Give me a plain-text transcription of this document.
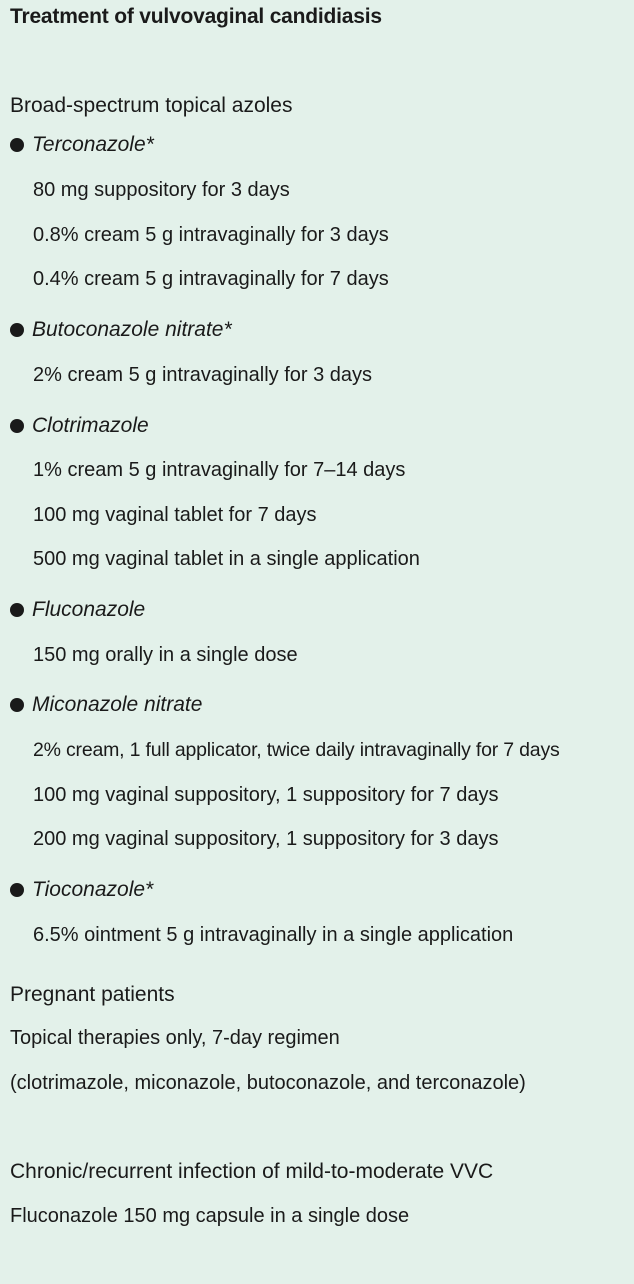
Treatment of vulvovaginal candidiasis
Broad-spectrum topical azoles
Terconazole*
80 mg suppository for 3 days
0.8% cream 5 g intravaginally for 3 days
0.4% cream 5 g intravaginally for 7 days
Butoconazole nitrate*
2% cream 5 g intravaginally for 3 days
Clotrimazole
1% cream 5 g intravaginally for 7–14 days
100 mg vaginal tablet for 7 days
500 mg vaginal tablet in a single application
Fluconazole
150 mg orally in a single dose
Miconazole nitrate
2% cream, 1 full applicator, twice daily intravaginally for 7 days
100 mg vaginal suppository, 1 suppository for 7 days
200 mg vaginal suppository, 1 suppository for 3 days
Tioconazole*
6.5% ointment 5 g intravaginally in a single application
Pregnant patients
Topical therapies only, 7-day regimen
(clotrimazole, miconazole, butoconazole, and terconazole)
Chronic/recurrent infection of mild-to-moderate VVC
Fluconazole 150 mg capsule in a single dose
